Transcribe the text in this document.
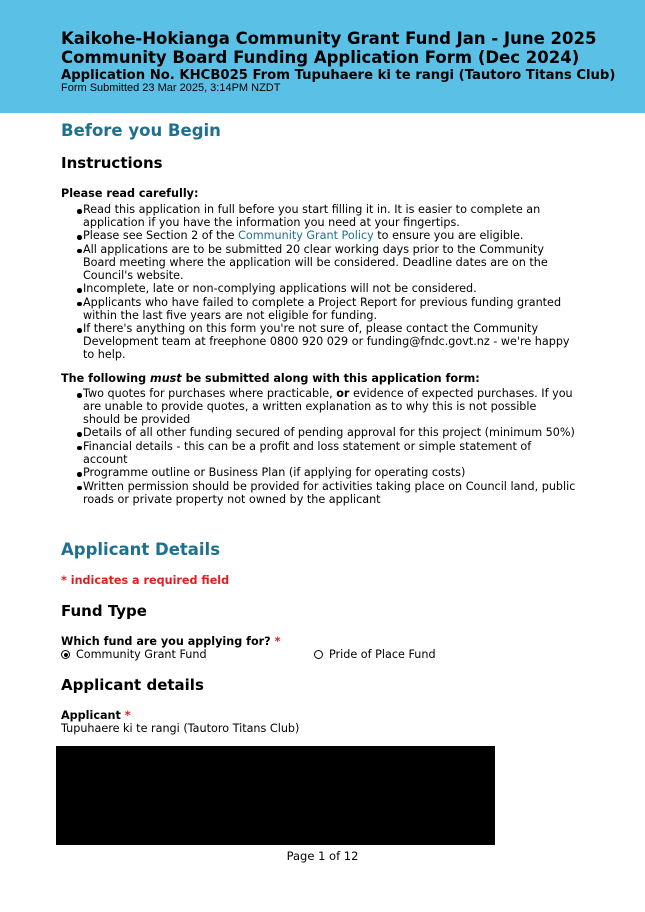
Kaikohe-Hokianga Community Grant Fund Jan - June 2025
Community Board Funding Application Form (Dec 2024)
Application No. KHCB025 From Tupuhaere ki te rangi (Tautoro Titans Club)
Form Submitted 23 Mar 2025, 3:14PM NZDT
Before you Begin
Instructions
Please read carefully:
Read this application in full before you start filling it in. It is easier to complete an application if you have the information you need at your fingertips.
Please see Section 2 of the Community Grant Policy to ensure you are eligible.
All applications are to be submitted 20 clear working days prior to the Community Board meeting where the application will be considered. Deadline dates are on the Council's website.
Incomplete, late or non-complying applications will not be considered.
Applicants who have failed to complete a Project Report for previous funding granted within the last five years are not eligible for funding.
If there's anything on this form you're not sure of, please contact the Community Development team at freephone 0800 920 029 or funding@fndc.govt.nz - we're happy to help.
The following must be submitted along with this application form:
Two quotes for purchases where practicable, or evidence of expected purchases. If you are unable to provide quotes, a written explanation as to why this is not possible should be provided
Details of all other funding secured of pending approval for this project (minimum 50%)
Financial details - this can be a profit and loss statement or simple statement of account
Programme outline or Business Plan (if applying for operating costs)
Written permission should be provided for activities taking place on Council land, public roads or private property not owned by the applicant
Applicant Details
* indicates a required field
Fund Type
Which fund are you applying for? *
Community Grant Fund	Pride of Place Fund
Applicant details
Applicant *
Tupuhaere ki te rangi (Tautoro Titans Club)
Page 1 of 12
